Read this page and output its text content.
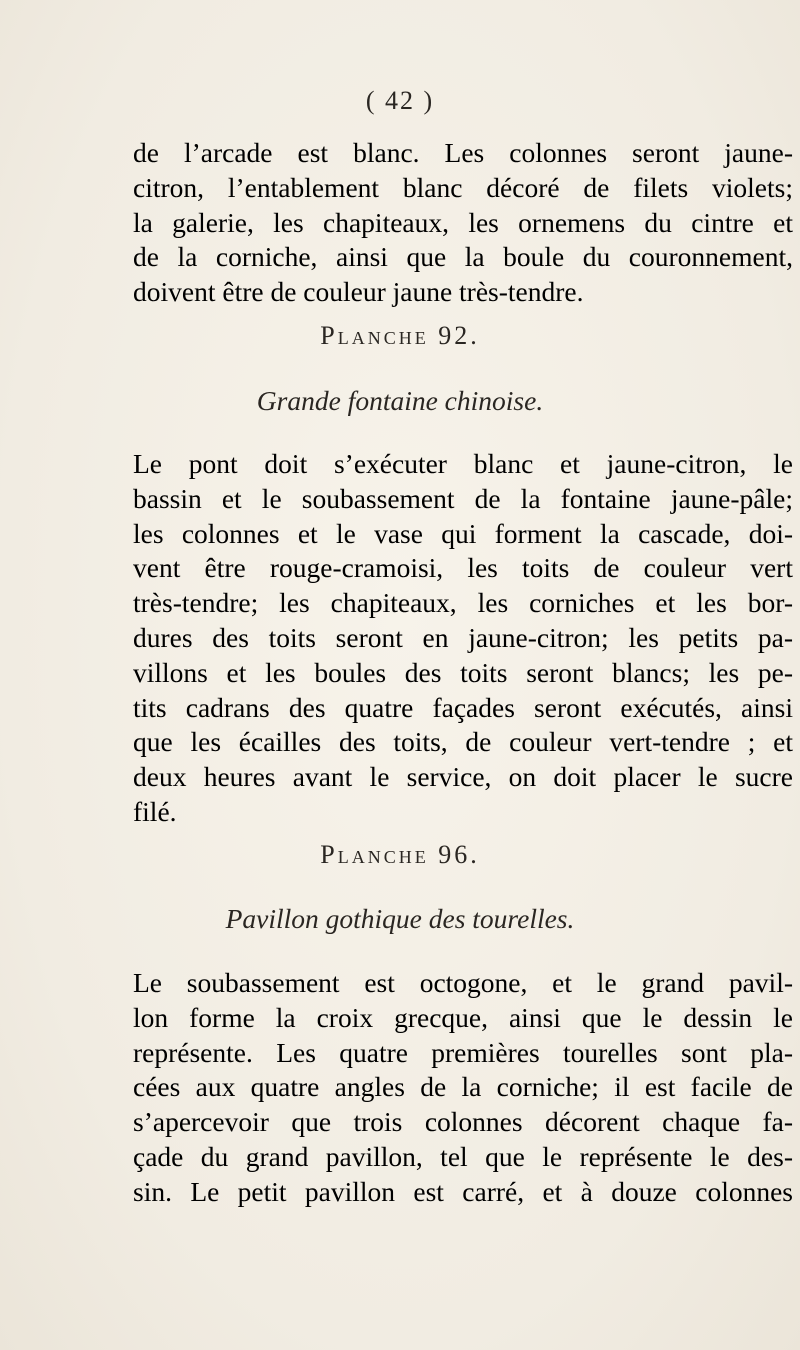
( 42 )
de l’arcade est blanc. Les colonnes seront jaune-
citron, l’entablement blanc décoré de filets violets;
la galerie, les chapiteaux, les ornemens du cintre et
de la corniche, ainsi que la boule du couronnement,
doivent être de couleur jaune très-tendre.
Planche 92.
Grande fontaine chinoise.
Le pont doit s’exécuter blanc et jaune-citron, le
bassin et le soubassement de la fontaine jaune-pâle;
les colonnes et le vase qui forment la cascade, doi-
vent être rouge-cramoisi, les toits de couleur vert
très-tendre; les chapiteaux, les corniches et les bor-
dures des toits seront en jaune-citron; les petits pa-
villons et les boules des toits seront blancs; les pe-
tits cadrans des quatre façades seront exécutés, ainsi
que les écailles des toits, de couleur vert-tendre ; et
deux heures avant le service, on doit placer le sucre
filé.
Planche 96.
Pavillon gothique des tourelles.
Le soubassement est octogone, et le grand pavil-
lon forme la croix grecque, ainsi que le dessin le
représente. Les quatre premières tourelles sont pla-
cées aux quatre angles de la corniche; il est facile de
s’apercevoir que trois colonnes décorent chaque fa-
çade du grand pavillon, tel que le représente le des-
sin. Le petit pavillon est carré, et à douze colonnes
